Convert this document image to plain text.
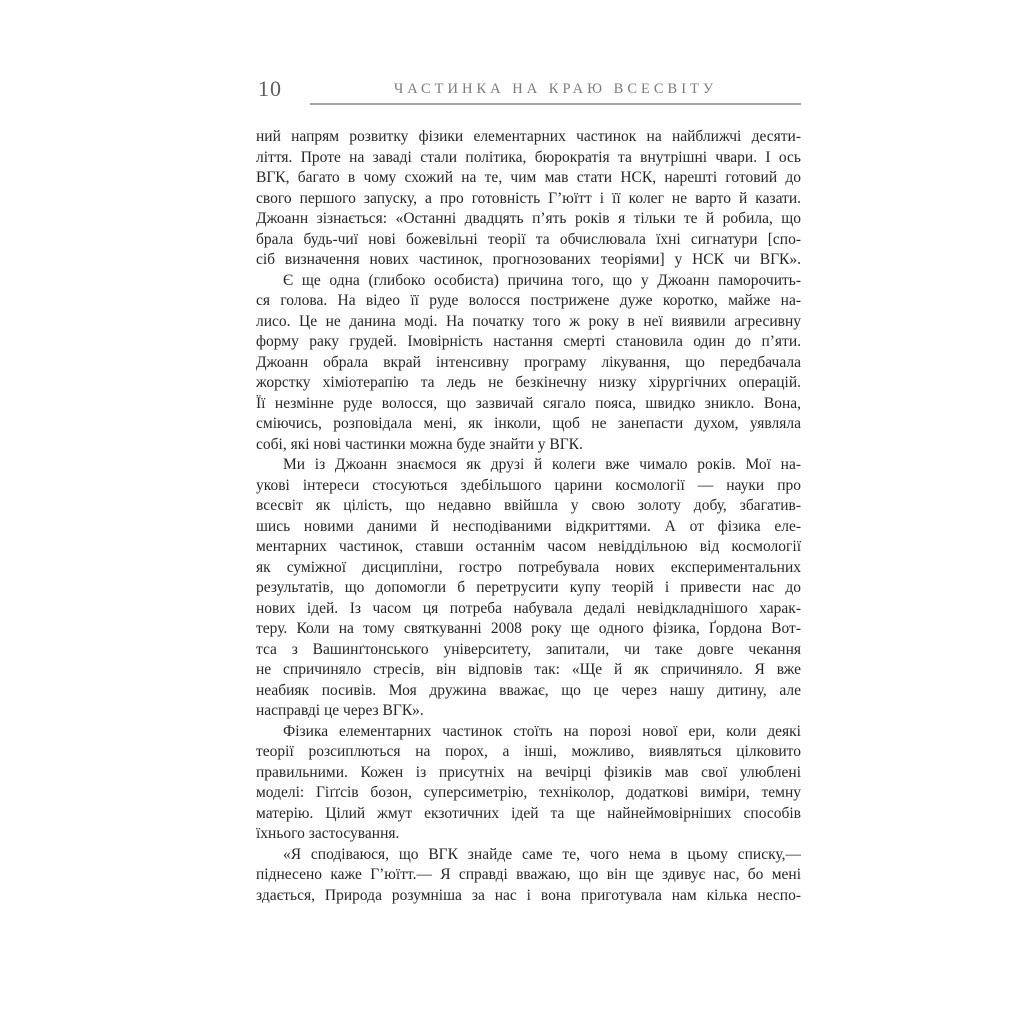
10	ЧАСТИНКА НА КРАЮ ВСЕСВІТУ
ний напрям розвитку фізики елементарних частинок на найближчі десяти-
ліття. Проте на заваді стали політика, бюрократія та внутрішні чвари. І ось
ВГК, багато в чому схожий на те, чим мав стати НСК, нарешті готовий до
свого першого запуску, а про готовність Г’юїтт і її колег не варто й казати.
Джоанн зізнається: «Останні двадцять п’ять років я тільки те й робила, що
брала будь-чиї нові божевільні теорії та обчислювала їхні сигнатури [спо-
сіб визначення нових частинок, прогнозованих теоріями] у НСК чи ВГК».
Є ще одна (глибоко особиста) причина того, що у Джоанн паморочить-
ся голова. На відео її руде волосся пострижене дуже коротко, майже на-
лисо. Це не данина моді. На початку того ж року в неї виявили агресивну
форму раку грудей. Імовірність настання смерті становила один до п’яти.
Джоанн обрала вкрай інтенсивну програму лікування, що передбачала
жорстку хіміотерапію та ледь не безкінечну низку хірургічних операцій.
Її незмінне руде волосся, що зазвичай сягало пояса, швидко зникло. Вона,
сміючись, розповідала мені, як інколи, щоб не занепасти духом, уявляла
собі, які нові частинки можна буде знайти у ВГК.
Ми із Джоанн знаємося як друзі й колеги вже чимало років. Мої на-
укові інтереси стосуються здебільшого царини космології — науки про
всесвіт як цілість, що недавно ввійшла у свою золоту добу, збагатив-
шись новими даними й несподіваними відкриттями. А от фізика еле-
ментарних частинок, ставши останнім часом невіддільною від космології
як суміжної дисципліни, гостро потребувала нових експериментальних
результатів, що допомогли б перетрусити купу теорій і привести нас до
нових ідей. Із часом ця потреба набувала дедалі невідкладнішого харак-
теру. Коли на тому святкуванні 2008 року ще одного фізика, Ґордона Вот-
тса з Вашинґтонського університету, запитали, чи таке довге чекання
не спричиняло стресів, він відповів так: «Ще й як спричиняло. Я вже
неабияк посивів. Моя дружина вважає, що це через нашу дитину, але
насправді це через ВГК».
Фізика елементарних частинок стоїть на порозі нової ери, коли деякі
теорії розсиплються на порох, а інші, можливо, виявляться цілковито
правильними. Кожен із присутніх на вечірці фізиків мав свої улюблені
моделі: Гіґґсів бозон, суперсиметрію, техніколор, додаткові виміри, темну
матерію. Цілий жмут екзотичних ідей та ще найнеймовірніших способів
їхнього застосування.
«Я сподіваюся, що ВГК знайде саме те, чого нема в цьому списку,—
піднесено каже Г’юїтт.— Я справді вважаю, що він ще здивує нас, бо мені
здається, Природа розумніша за нас і вона приготувала нам кілька неспо-
